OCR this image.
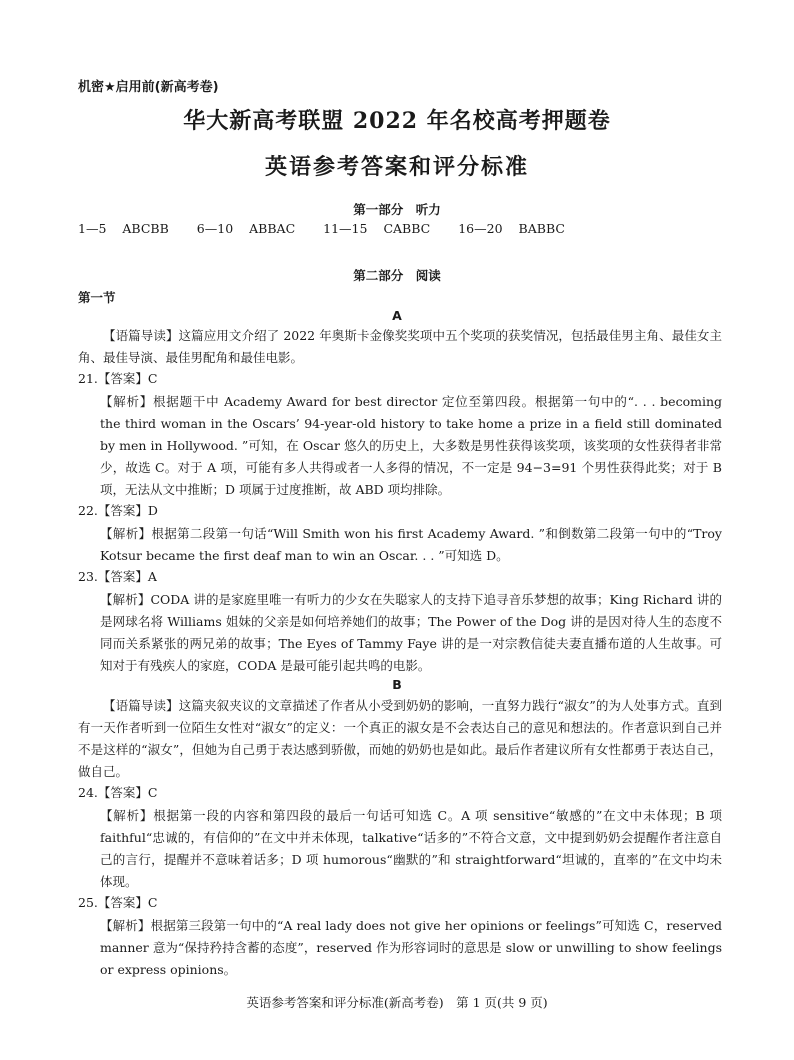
机密★启用前(新高考卷)
华大新高考联盟 2022 年名校高考押题卷
英语参考答案和评分标准
第一部分　听力
1—5 ABCBB 6—10 ABBAC 11—15 CABBC 16—20 BABBC
第二部分　阅读
第一节
A
【语篇导读】这篇应用文介绍了 2022 年奥斯卡金像奖奖项中五个奖项的获奖情况，包括最佳男主角、最佳女主角、最佳导演、最佳男配角和最佳电影。
21.【答案】C
【解析】根据题干中 Academy Award for best director 定位至第四段。根据第一句中的“. . . becoming the third woman in the Oscars’ 94-year-old history to take home a prize in a field still dominated by men in Hollywood. ”可知，在 Oscar 悠久的历史上，大多数是男性获得该奖项，该奖项的女性获得者非常少，故选 C。对于 A 项，可能有多人共得或者一人多得的情况，不一定是 94−3=91 个男性获得此奖；对于 B 项，无法从文中推断；D 项属于过度推断，故 ABD 项均排除。
22.【答案】D
【解析】根据第二段第一句话“Will Smith won his first Academy Award. ”和倒数第二段第一句中的“Troy Kotsur became the first deaf man to win an Oscar. . . ”可知选 D。
23.【答案】A
【解析】CODA 讲的是家庭里唯一有听力的少女在失聪家人的支持下追寻音乐梦想的故事；King Richard 讲的是网球名将 Williams 姐妹的父亲是如何培养她们的故事；The Power of the Dog 讲的是因对待人生的态度不同而关系紧张的两兄弟的故事；The Eyes of Tammy Faye 讲的是一对宗教信徒夫妻直播布道的人生故事。可知对于有残疾人的家庭，CODA 是最可能引起共鸣的电影。
B
【语篇导读】这篇夹叙夹议的文章描述了作者从小受到奶奶的影响，一直努力践行“淑女”的为人处事方式。直到有一天作者听到一位陌生女性对“淑女”的定义：一个真正的淑女是不会表达自己的意见和想法的。作者意识到自己并不是这样的“淑女”，但她为自己勇于表达感到骄傲，而她的奶奶也是如此。最后作者建议所有女性都勇于表达自己，做自己。
24.【答案】C
【解析】根据第一段的内容和第四段的最后一句话可知选 C。A 项 sensitive“敏感的”在文中未体现；B 项 faithful“忠诚的，有信仰的”在文中并未体现，talkative“话多的”不符合文意，文中提到奶奶会提醒作者注意自己的言行，提醒并不意味着话多；D 项 humorous“幽默的”和 straightforward“坦诚的，直率的”在文中均未体现。
25.【答案】C
【解析】根据第三段第一句中的“A real lady does not give her opinions or feelings”可知选 C，reserved manner 意为“保持矜持含蓄的态度”，reserved 作为形容词时的意思是 slow or unwilling to show feelings or express opinions。
英语参考答案和评分标准(新高考卷)　第 1 页(共 9 页)
